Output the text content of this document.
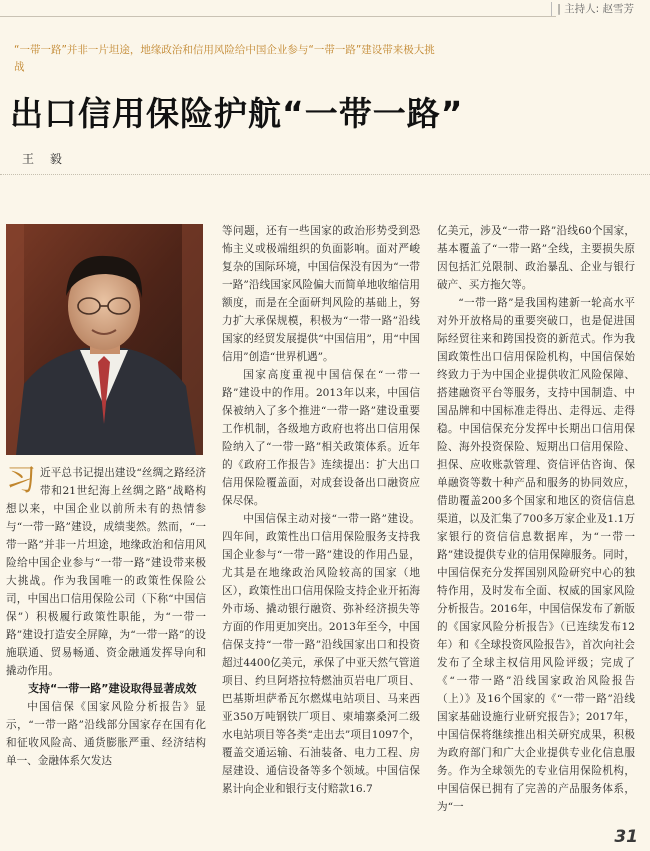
| 主持人: 赵雪芳
“一带一路”并非一片坦途，地缘政治和信用风险给中国企业参与“一带一路”建设带来极大挑战
出口信用保险护航“一带一路”
王 毅
习 近平总书记提出建设“丝绸之路经济带和21世纪海上丝绸之路”战略构想以来，中国企业以前所未有的热情参与“一带一路”建设，成绩斐然。然而，“一带一路”并非一片坦途，地缘政治和信用风险给中国企业参与“一带一路”建设带来极大挑战。作为我国唯一的政策性保险公司，中国出口信用保险公司（下称“中国信保”）积极履行政策性职能，为“一带一路”建设打造安全屏障，为“一带一路”的设施联通、贸易畅通、资金融通发挥导向和撬动作用。

支持“一带一路”建设取得显著成效

中国信保《国家风险分析报告》显示，“一带一路”沿线部分国家存在国有化和征收风险高、通货膨胀严重、经济结构单一、金融体系欠发达

等问题，还有一些国家的政治形势受到恐怖主义或极端组织的负面影响。面对严峻复杂的国际环境，中国信保没有因为“一带一路”沿线国家风险偏大而简单地收缩信用额度，而是在全面研判风险的基础上，努力扩大承保规模，积极为“一带一路”沿线国家的经贸发展提供“中国信用”，用“中国信用”创造“世界机遇”。

国家高度重视中国信保在“一带一路”建设中的作用。2013年以来，中国信保被纳入了多个推进“一带一路”建设重要工作机制，各级地方政府也将出口信用保险纳入了“一带一路”相关政策体系。近年的《政府工作报告》连续提出：扩大出口信用保险覆盖面，对成套设备出口融资应保尽保。

中国信保主动对接“一带一路”建设。四年间，政策性出口信用保险服务支持我国企业参与“一带一路”建设的作用凸显，尤其是在地缘政治风险较高的国家（地区），政策性出口信用保险支持企业开拓海外市场、撬动银行融资、弥补经济损失等方面的作用更加突出。2013年至今，中国信保支持“一带一路”沿线国家出口和投资超过4400亿美元，承保了中亚天然气管道项目、约旦阿塔拉特燃油页岩电厂项目、巴基斯坦萨希瓦尔燃煤电站项目、马来西亚350万吨钢铁厂项目、柬埔寨桑河二级水电站项目等各类“走出去”项目1097个，覆盖交通运输、石油装备、电力工程、房屋建设、通信设备等多个领域。中国信保累计向企业和银行支付赔款16.7

亿美元，涉及“一带一路”沿线60个国家，基本覆盖了“一带一路”全线，主要损失原因包括汇兑限制、政治暴乱、企业与银行破产、买方拖欠等。

“一带一路”是我国构建新一轮高水平对外开放格局的重要突破口，也是促进国际经贸往来和跨国投资的新范式。作为我国政策性出口信用保险机构，中国信保始终致力于为中国企业提供收汇风险保障、搭建融资平台等服务，支持中国制造、中国品牌和中国标准走得出、走得远、走得稳。中国信保充分发挥中长期出口信用保险、海外投资保险、短期出口信用保险、担保、应收账款管理、资信评估咨询、保单融资等数十种产品和服务的协同效应，借助覆盖200多个国家和地区的资信信息渠道，以及汇集了700多万家企业及1.1万家银行的资信信息数据库，为“一带一路”建设提供专业的信用保障服务。同时，中国信保充分发挥国别风险研究中心的独特作用，及时发布全面、权威的国家风险分析报告。2016年，中国信保发布了新版的《国家风险分析报告》（已连续发布12年）和《全球投资风险报告》，首次向社会发布了全球主权信用风险评级；完成了《“一带一路”沿线国家政治风险报告（上）》及16个国家的《“一带一路”沿线国家基础设施行业研究报告》；2017年，中国信保将继续推出相关研究成果，积极为政府部门和广大企业提供专业化信息服务。作为全球领先的专业信用保险机构，中国信保已拥有了完善的产品服务体系，为“一

31
